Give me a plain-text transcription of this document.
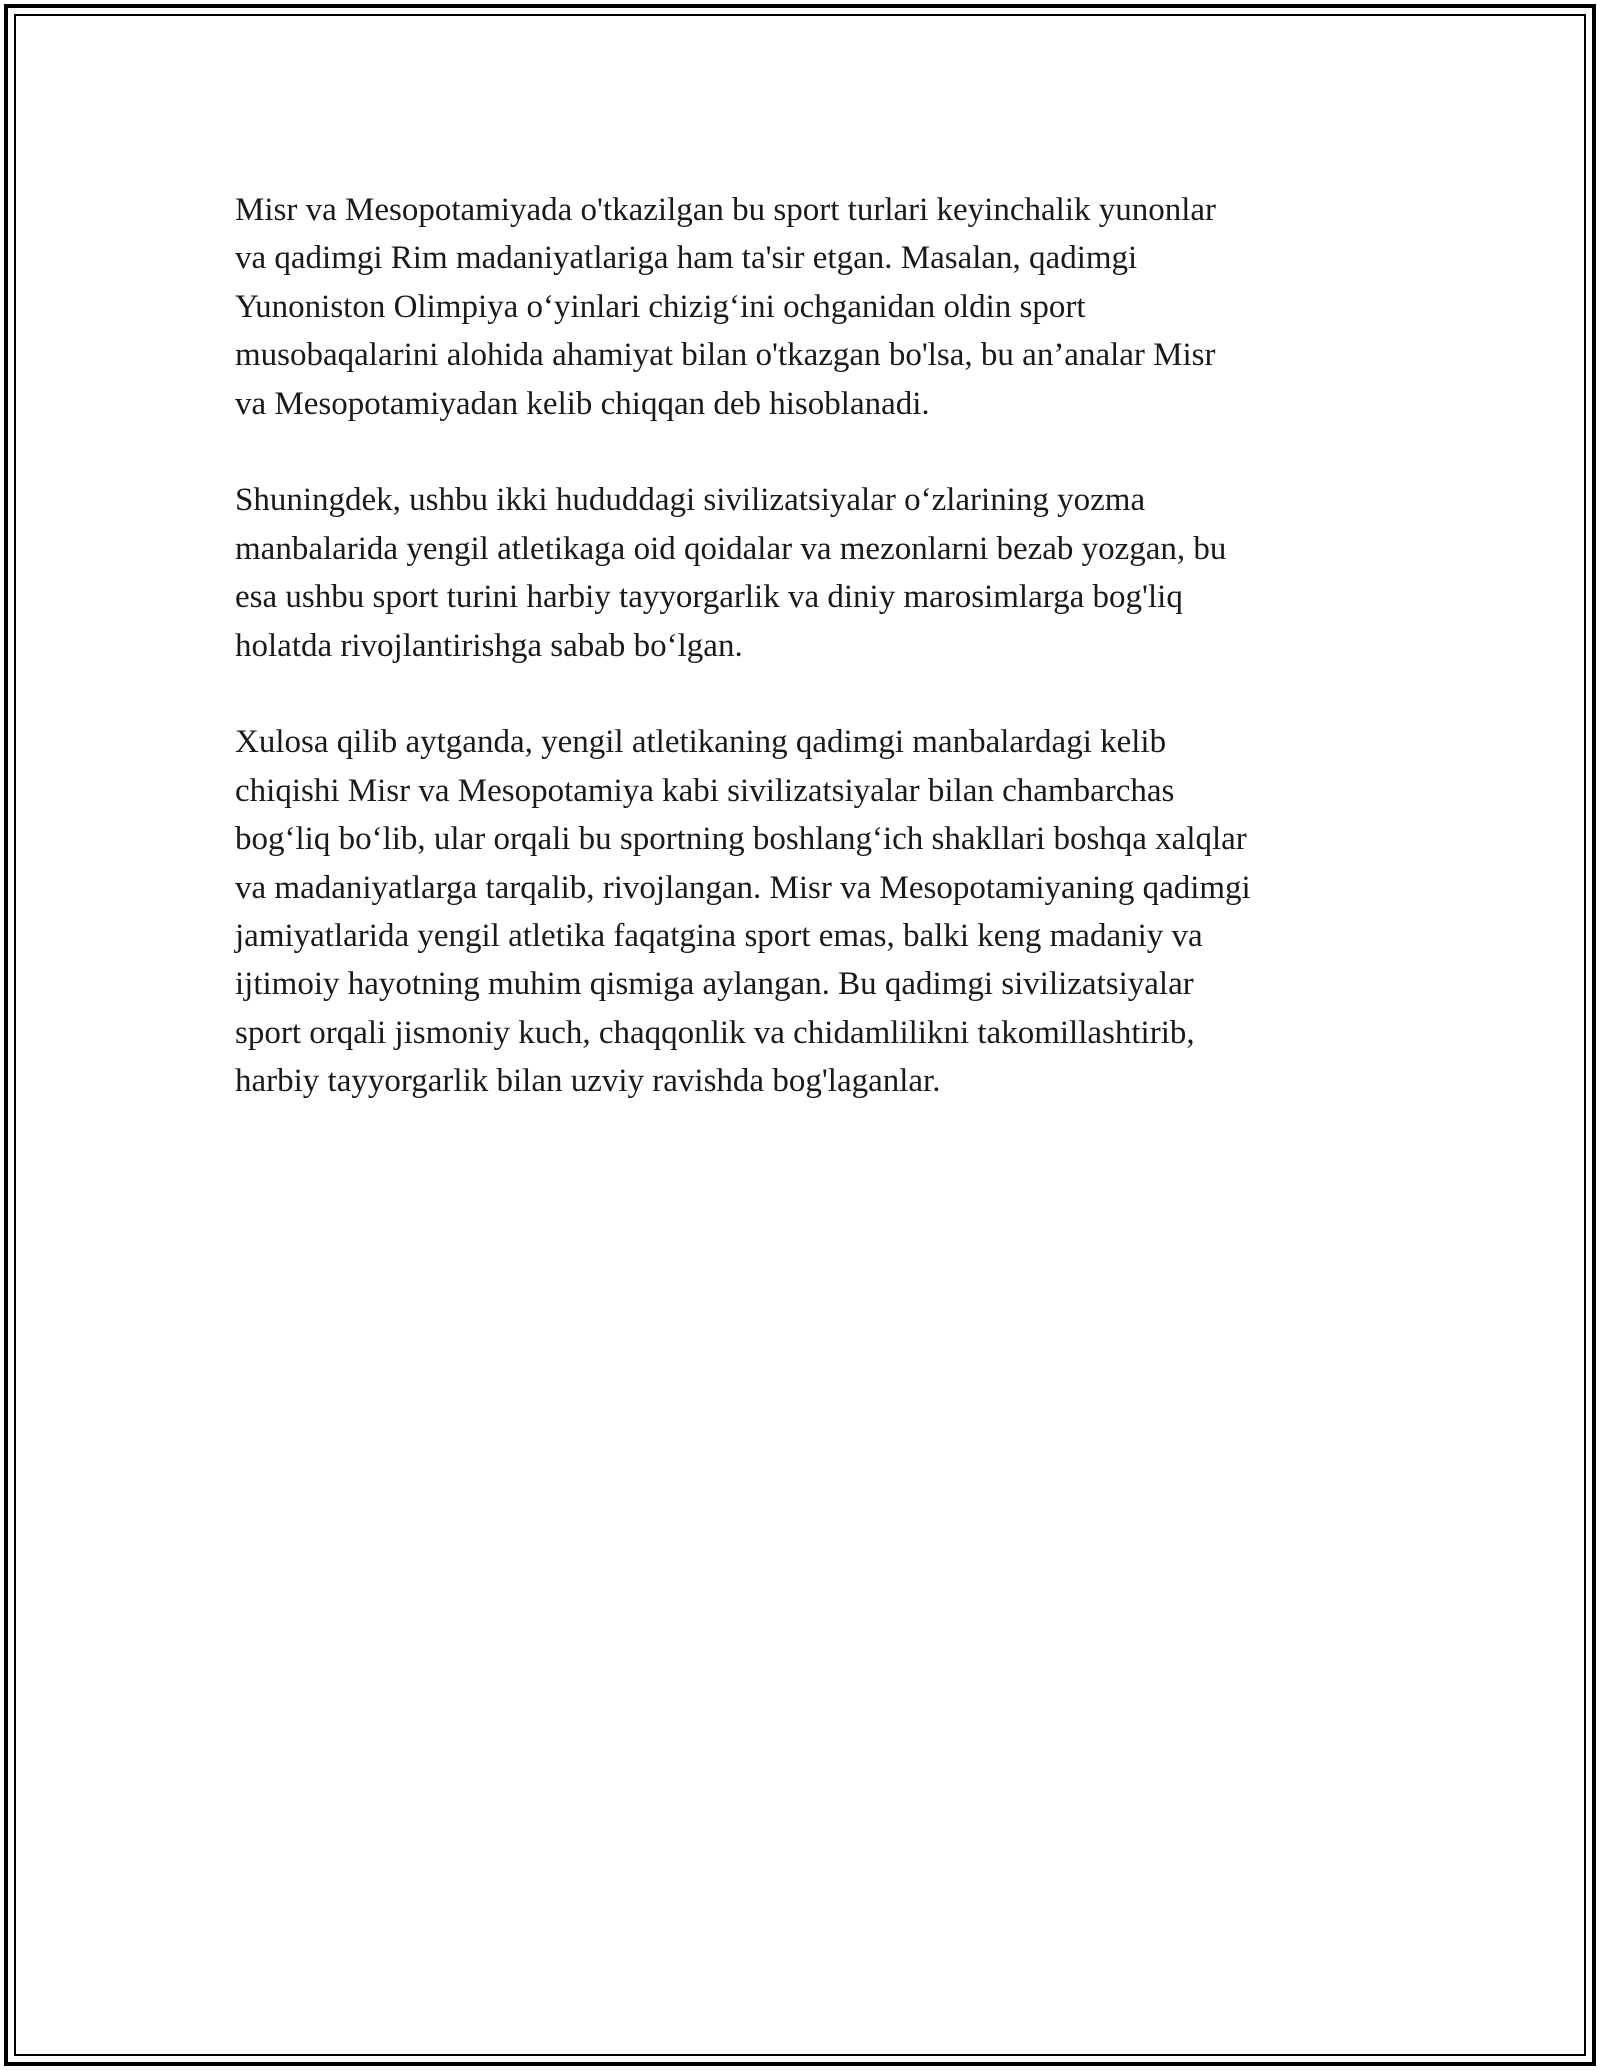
Misr va Mesopotamiyada o'tkazilgan bu sport turlari keyinchalik yunonlar
va qadimgi Rim madaniyatlariga ham ta'sir etgan. Masalan, qadimgi
Yunoniston Olimpiya o‘yinlari chizig‘ini ochganidan oldin sport
musobaqalarini alohida ahamiyat bilan o'tkazgan bo'lsa, bu an’analar Misr
va Mesopotamiyadan kelib chiqqan deb hisoblanadi.

Shuningdek, ushbu ikki hududdagi sivilizatsiyalar o‘zlarining yozma
manbalarida yengil atletikaga oid qoidalar va mezonlarni bezab yozgan, bu
esa ushbu sport turini harbiy tayyorgarlik va diniy marosimlarga bog'liq
holatda rivojlantirishga sabab bo‘lgan.

Xulosa qilib aytganda, yengil atletikaning qadimgi manbalardagi kelib
chiqishi Misr va Mesopotamiya kabi sivilizatsiyalar bilan chambarchas
bog‘liq bo‘lib, ular orqali bu sportning boshlang‘ich shakllari boshqa xalqlar
va madaniyatlarga tarqalib, rivojlangan. Misr va Mesopotamiyaning qadimgi
jamiyatlarida yengil atletika faqatgina sport emas, balki keng madaniy va
ijtimoiy hayotning muhim qismiga aylangan. Bu qadimgi sivilizatsiyalar
sport orqali jismoniy kuch, chaqqonlik va chidamlilikni takomillashtirib,
harbiy tayyorgarlik bilan uzviy ravishda bog'laganlar.
